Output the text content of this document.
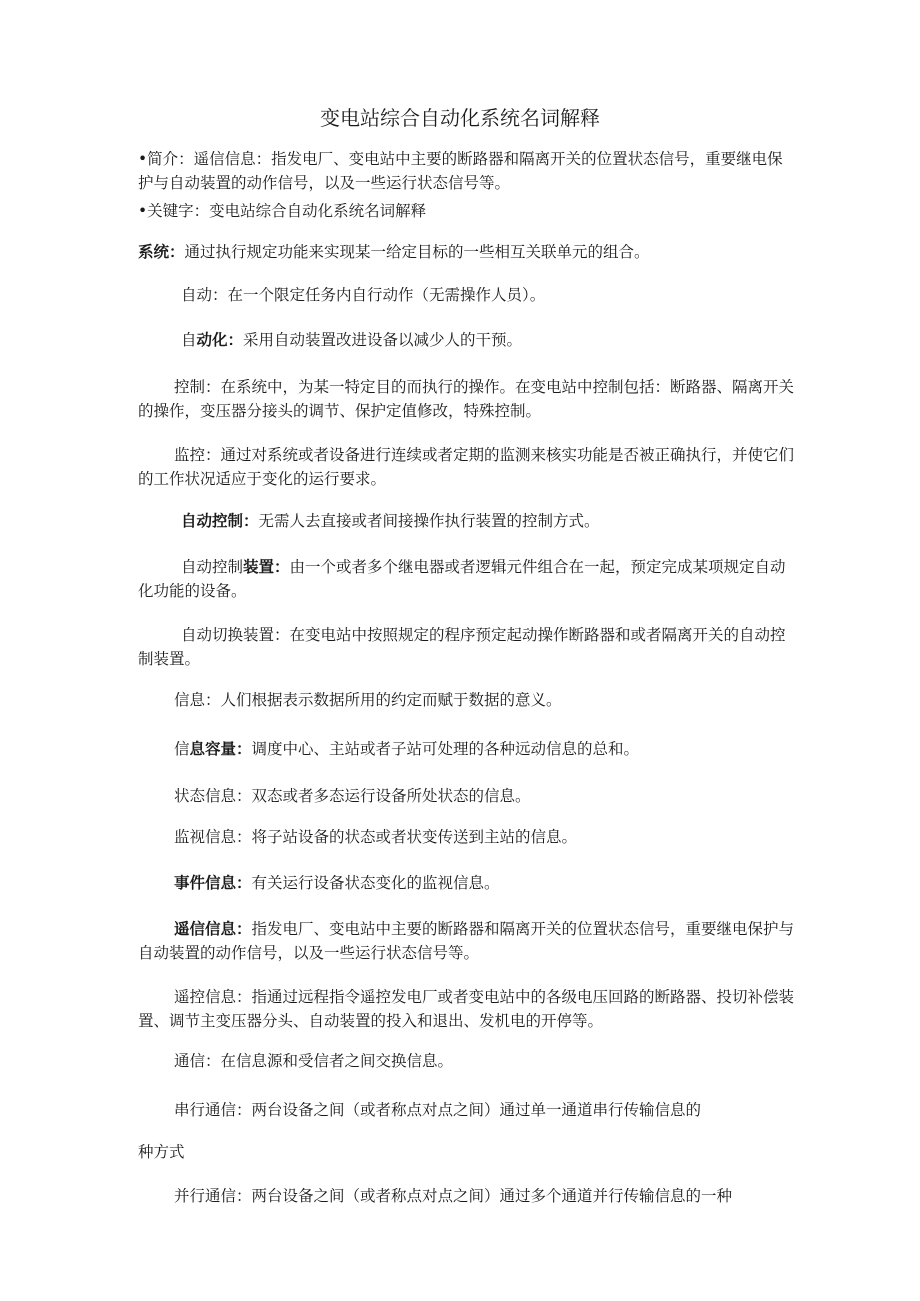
变电站综合自动化系统名词解释

•简介：遥信信息：指发电厂、变电站中主要的断路器和隔离开关的位置状态信号，重要继电保护与自动装置的动作信号，以及一些运行状态信号等。

•关键字：变电站综合自动化系统名词解释

系统：通过执行规定功能来实现某一给定目标的一些相互关联单元的组合。

自动：在一个限定任务内自行动作（无需操作人员）。

自动化：采用自动装置改进设备以减少人的干预。

控制：在系统中，为某一特定目的而执行的操作。在变电站中控制包括：断路器、隔离开关的操作，变压器分接头的调节、保护定值修改，特殊控制。

监控：通过对系统或者设备进行连续或者定期的监测来核实功能是否被正确执行，并使它们的工作状况适应于变化的运行要求。

自动控制：无需人去直接或者间接操作执行装置的控制方式。

自动控制装置：由一个或者多个继电器或者逻辑元件组合在一起，预定完成某项规定自动化功能的设备。

自动切换装置：在变电站中按照规定的程序预定起动操作断路器和或者隔离开关的自动控制装置。

信息：人们根据表示数据所用的约定而赋于数据的意义。

信息容量：调度中心、主站或者子站可处理的各种远动信息的总和。

状态信息：双态或者多态运行设备所处状态的信息。

监视信息：将子站设备的状态或者状变传送到主站的信息。

事件信息：有关运行设备状态变化的监视信息。

遥信信息：指发电厂、变电站中主要的断路器和隔离开关的位置状态信号，重要继电保护与自动装置的动作信号，以及一些运行状态信号等。

遥控信息：指通过远程指令遥控发电厂或者变电站中的各级电压回路的断路器、投切补偿装置、调节主变压器分头、自动装置的投入和退出、发机电的开停等。

通信：在信息源和受信者之间交换信息。

串行通信：两台设备之间（或者称点对点之间）通过单一通道串行传输信息的

种方式

并行通信：两台设备之间（或者称点对点之间）通过多个通道并行传输信息的一种
